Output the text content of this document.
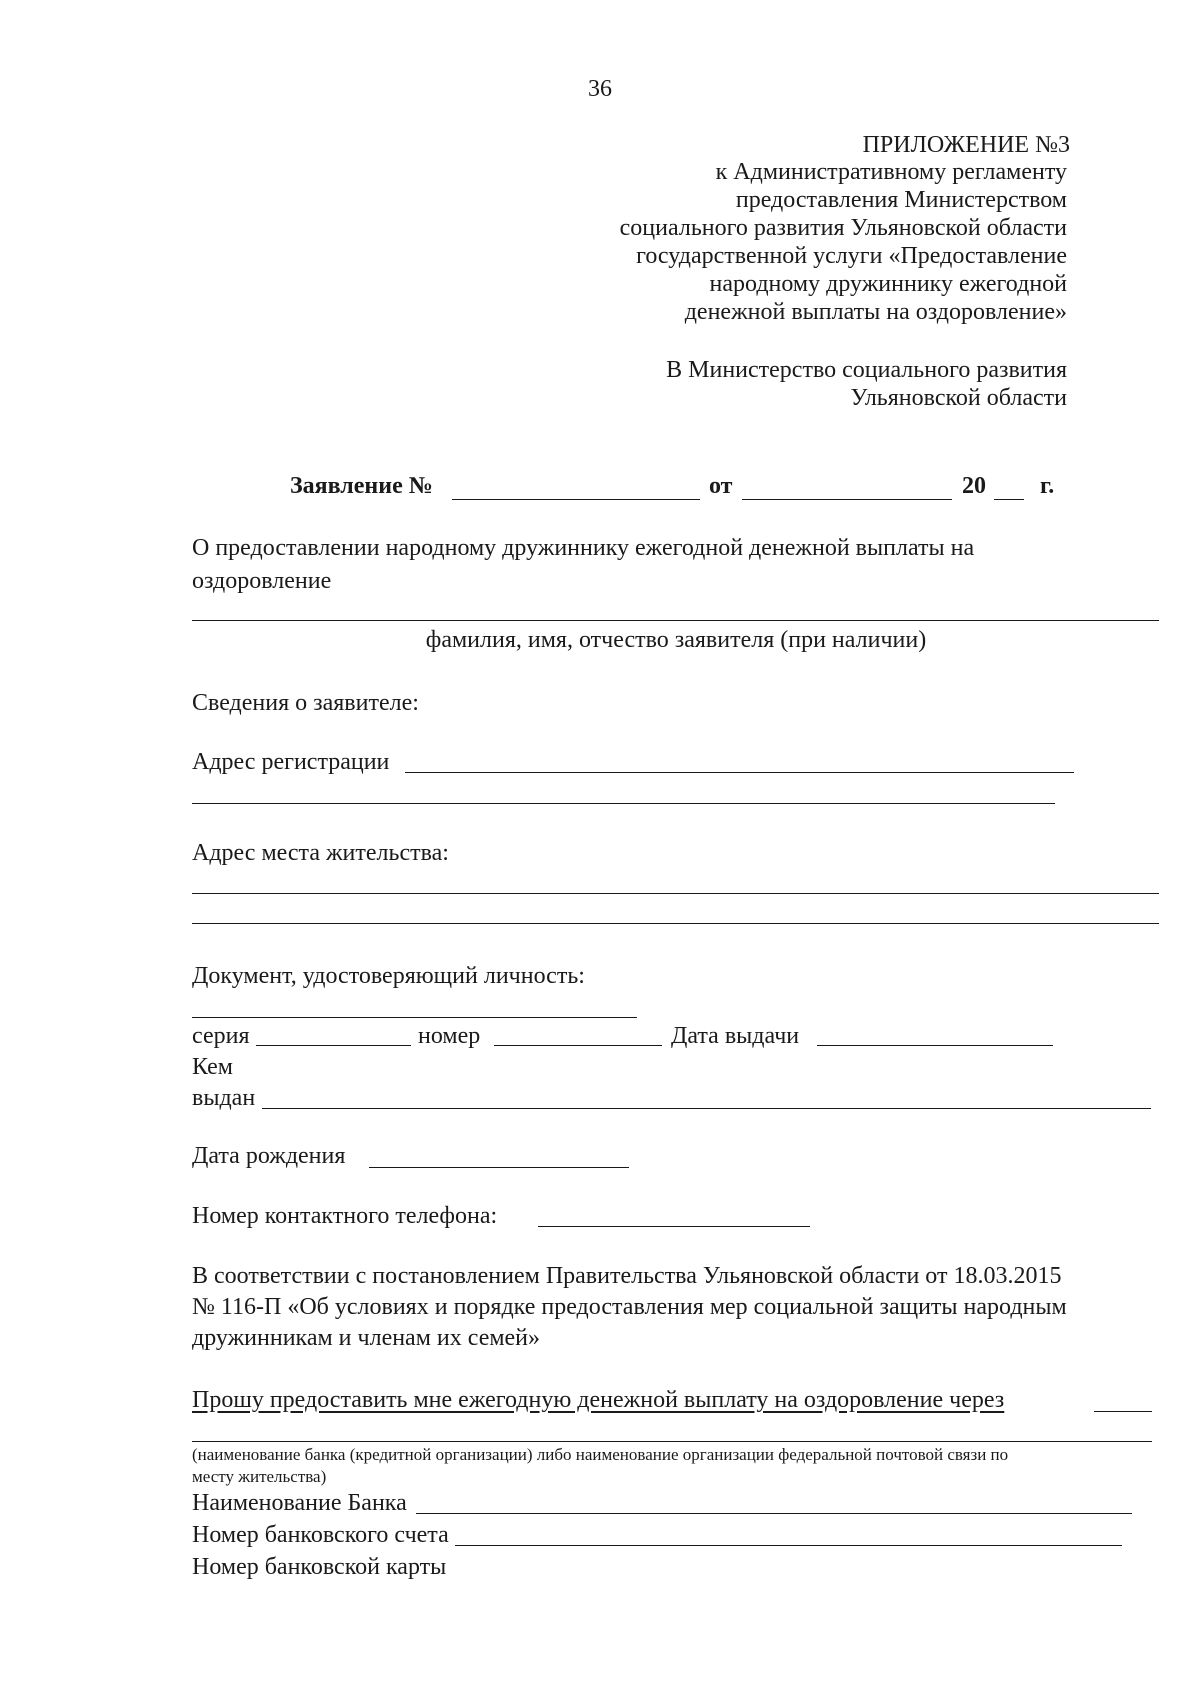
36
ПРИЛОЖЕНИЕ №3
к Административному регламенту
предоставления Министерством
социального развития Ульяновской области
государственной услуги «Предоставление
народному дружиннику ежегодной
денежной выплаты на оздоровление»
В Министерство социального развития
Ульяновской области
Заявление №	от	20 г.
О предоставлении народному дружиннику ежегодной денежной выплаты на
оздоровление
фамилия, имя, отчество заявителя (при наличии)
Сведения о заявителе:
Адрес регистрации
Адрес места жительства:
Документ, удостоверяющий личность:
серия	номер	Дата выдачи
Кем
выдан
Дата рождения
Номер контактного телефона:
В соответствии с постановлением Правительства Ульяновской области от 18.03.2015
№ 116-П «Об условиях и порядке предоставления мер социальной защиты народным
дружинникам и членам их семей»
Прошу предоставить мне ежегодную денежной выплату на оздоровление через
(наименование банка (кредитной организации) либо наименование организации федеральной почтовой связи по
месту жительства)
Наименование Банка
Номер банковского счета
Номер банковской карты
